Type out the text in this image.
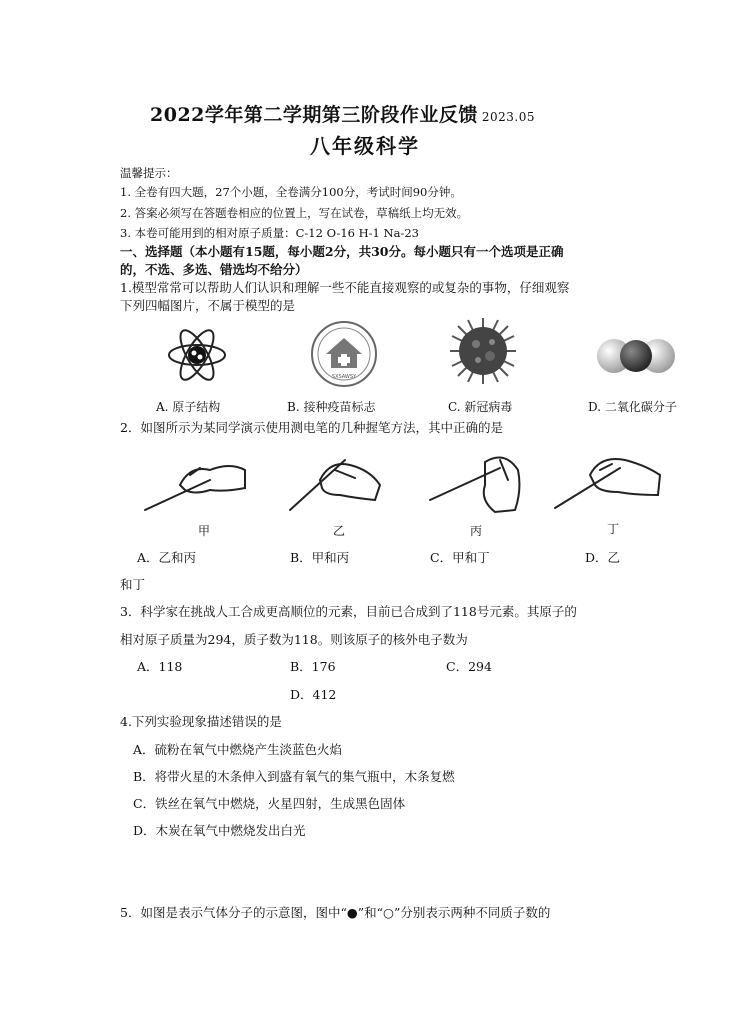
2022学年第二学期第三阶段作业反馈 2023.05
八年级科学
温馨提示：
1. 全卷有四大题，27个小题，全卷满分100分，考试时间90分钟。
2. 答案必须写在答题卷相应的位置上，写在试卷，草稿纸上均无效。
3. 本卷可能用到的相对原子质量：C-12 O-16 H-1 Na-23
一、选择题（本小题有15题，每小题2分，共30分。每小题只有一个选项是正确
的，不选、多选、错选均不给分）
1.模型常常可以帮助人们认识和理解一些不能直接观察的或复杂的事物，仔细观察
下列四幅图片，不属于模型的是
SXSAWSY
A. 原子结构	B. 接种疫苗标志	C. 新冠病毒	D. 二氧化碳分子
2．如图所示为某同学演示使用测电笔的几种握笔方法，其中正确的是
甲	乙	丙	丁
A．乙和丙	B．甲和丙	C．甲和丁	D．乙
和丁
3．科学家在挑战人工合成更高顺位的元素，目前已合成到了118号元素。其原子的
相对原子质量为294，质子数为118。则该原子的核外电子数为
A．118	B．176	C．294
D．412
4.下列实验现象描述错误的是
A．硫粉在氧气中燃烧产生淡蓝色火焰
B．将带火星的木条伸入到盛有氧气的集气瓶中，木条复燃
C．铁丝在氧气中燃烧，火星四射，生成黑色固体
D．木炭在氧气中燃烧发出白光
5．如图是表示气体分子的示意图，图中“●”和“○”分别表示两种不同质子数的
